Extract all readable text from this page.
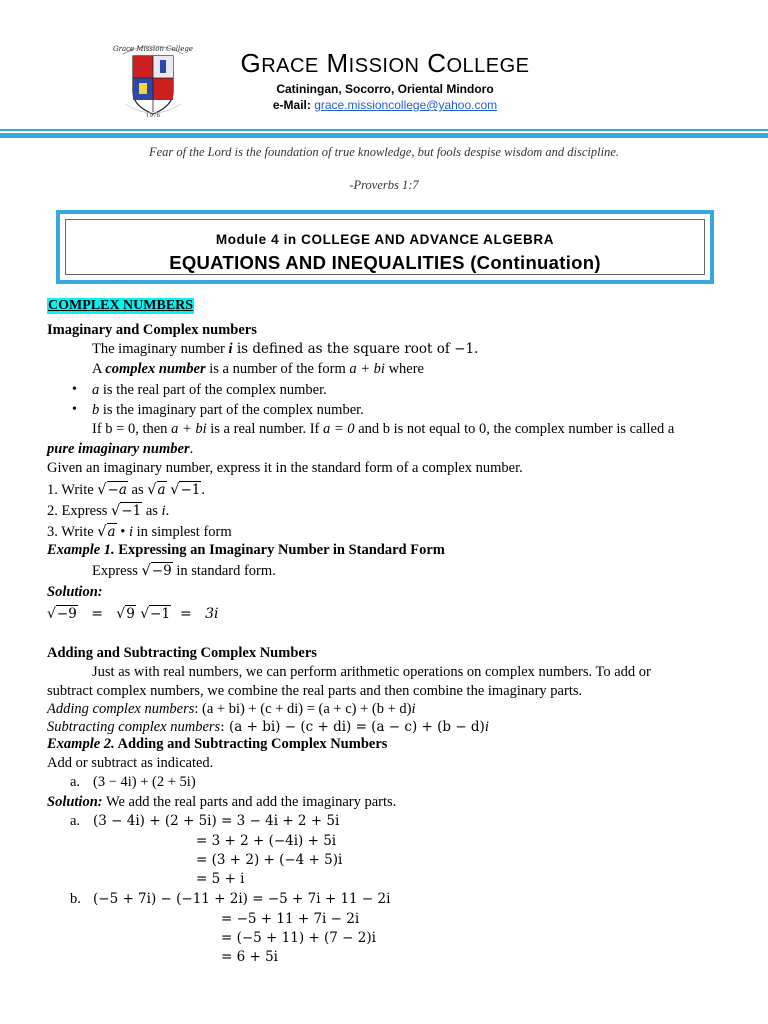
Grace Mission College
1976
GRACE MISSION COLLEGE
Catiningan, Socorro, Oriental Mindoro
e-Mail: grace.missioncollege@yahoo.com
Fear of the Lord is the foundation of true knowledge, but fools despise wisdom and discipline.
-Proverbs 1:7
Module 4 in COLLEGE AND ADVANCE ALGEBRA
EQUATIONS AND INEQUALITIES (Continuation)
COMPLEX NUMBERS
Imaginary and Complex numbers
The imaginary number i is defined as the square root of −1.
A complex number is a number of the form a + bi where
• a is the real part of the complex number.
• b is the imaginary part of the complex number.
If b = 0, then a + bi is a real number. If a = 0 and b is not equal to 0, the complex number is called a
pure imaginary number.
Given an imaginary number, express it in the standard form of a complex number.
1. Write √−a as √a √−1.
2. Express √−1 as i.
3. Write √a • i in simplest form
Example 1. Expressing an Imaginary Number in Standard Form
Express √−9 in standard form.
Solution:
√−9 = √9 √−1 = 3i
Adding and Subtracting Complex Numbers
Just as with real numbers, we can perform arithmetic operations on complex numbers. To add or
subtract complex numbers, we combine the real parts and then combine the imaginary parts.
Adding complex numbers: (a + bi) + (c + di) = (a + c) + (b + d)i
Subtracting complex numbers: (a + bi) − (c + di) = (a − c) + (b − d)i
Example 2. Adding and Subtracting Complex Numbers
Add or subtract as indicated.
a. (3 − 4i) + (2 + 5i)
Solution: We add the real parts and add the imaginary parts.
a. (3 − 4i) + (2 + 5i) = 3 − 4i + 2 + 5i
= 3 + 2 + (−4i) + 5i
= (3 + 2) + (−4 + 5)i
= 5 + i
b. (−5 + 7i) − (−11 + 2i) = −5 + 7i + 11 − 2i
= −5 + 11 + 7i − 2i
= (−5 + 11) + (7 − 2)i
= 6 + 5i
